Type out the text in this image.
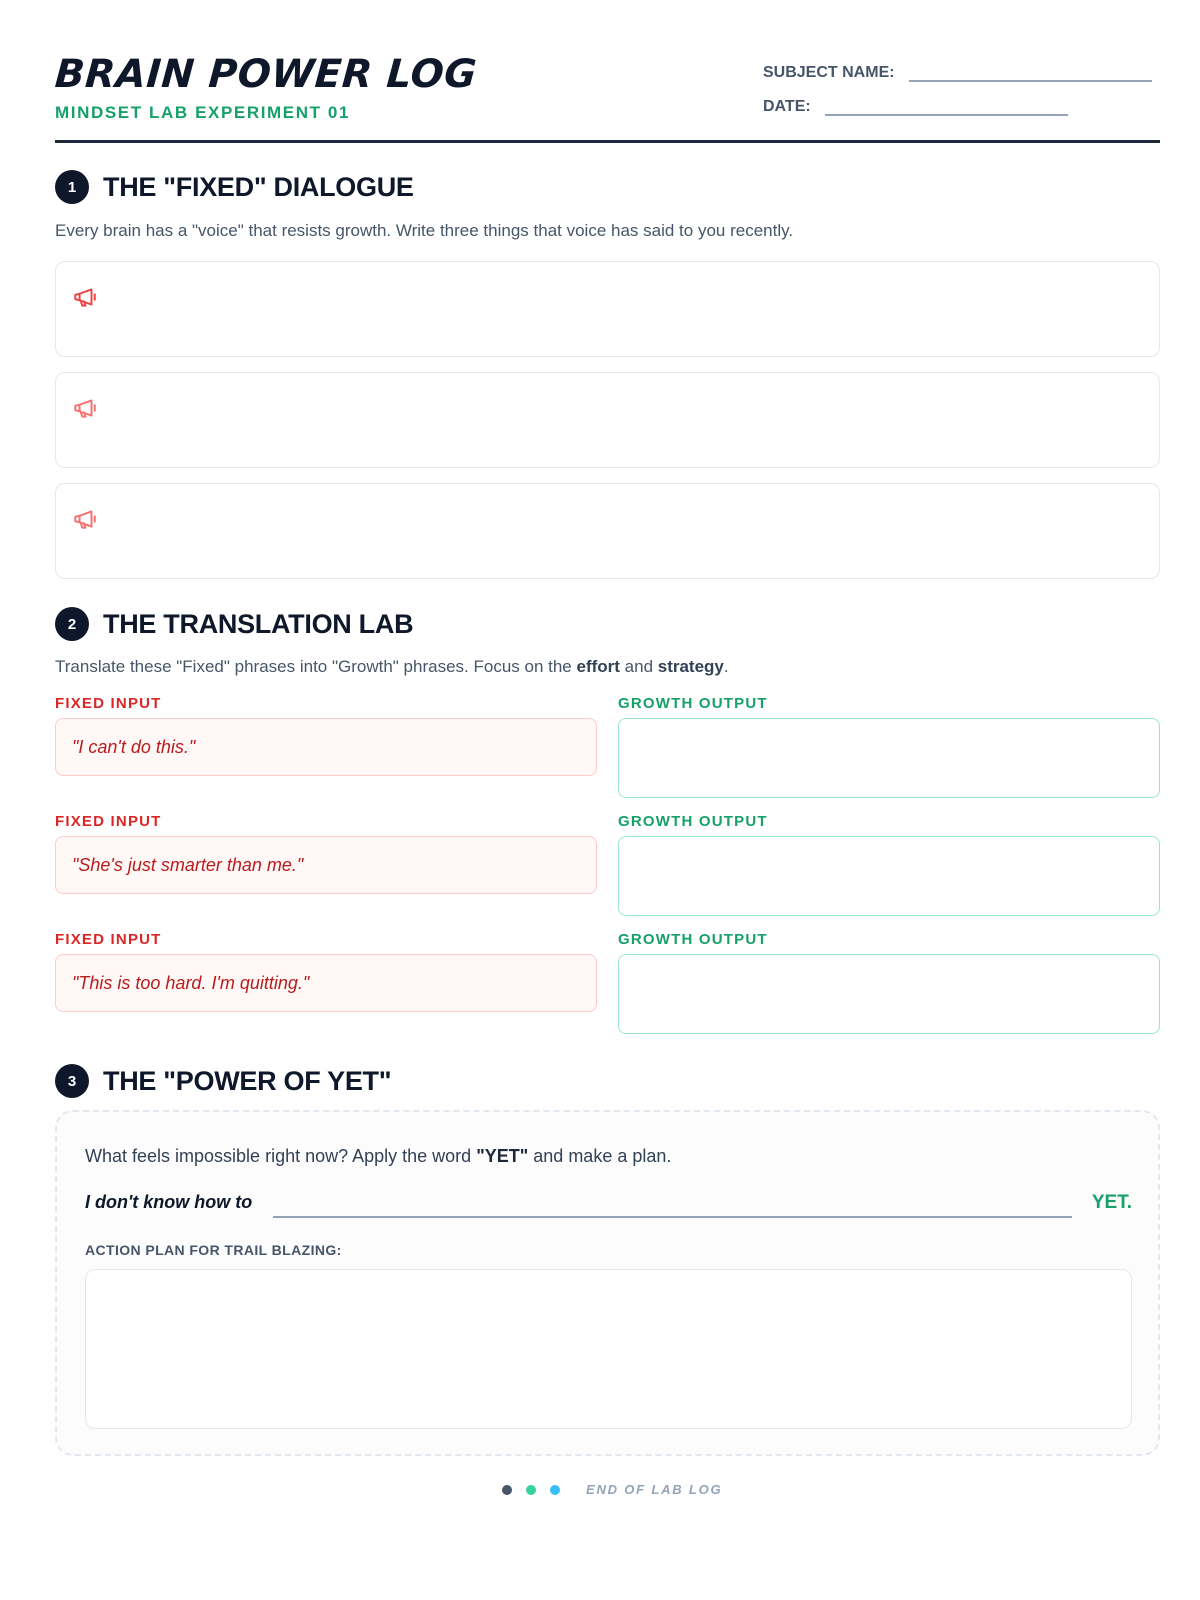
BRAIN POWER LOG
MINDSET LAB EXPERIMENT 01
SUBJECT NAME:
DATE:
1 THE "FIXED" DIALOGUE
Every brain has a "voice" that resists growth. Write three things that voice has said to you recently.
2 THE TRANSLATION LAB
Translate these "Fixed" phrases into "Growth" phrases. Focus on the effort and strategy.
FIXED INPUT	GROWTH OUTPUT
"I can't do this."
FIXED INPUT	GROWTH OUTPUT
"She's just smarter than me."
FIXED INPUT	GROWTH OUTPUT
"This is too hard. I'm quitting."
3 THE "POWER OF YET"
What feels impossible right now? Apply the word "YET" and make a plan.
I don't know how to	YET.
ACTION PLAN FOR TRAIL BLAZING:
END OF LAB LOG
